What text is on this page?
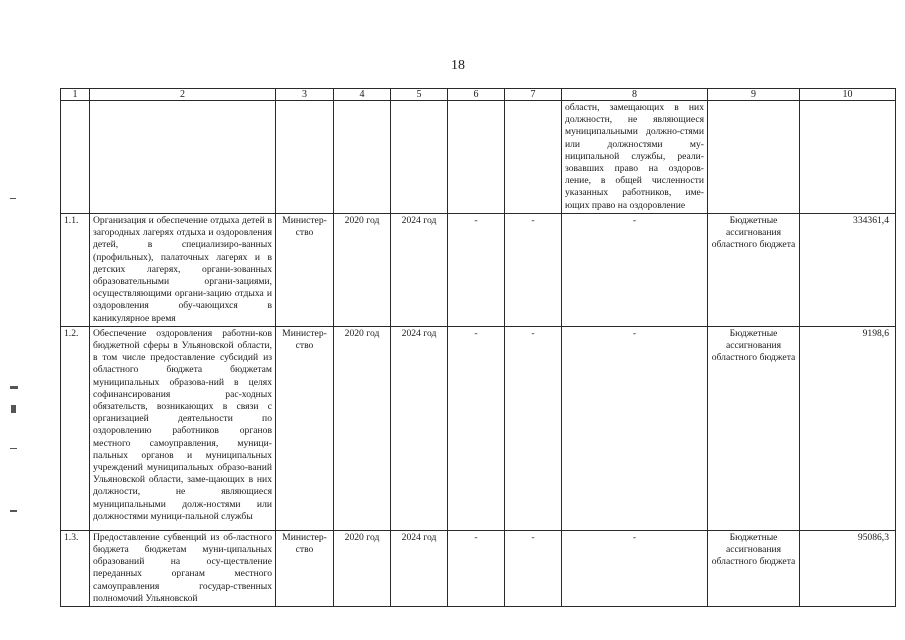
18
1	2	3	4	5	6	7	8	9	10
							областн, замещающих в них должностн, не являющиеся муниципальными должно-стями или должностями му-ниципальной службы, реали-зовавших право на оздоров-ление, в общей численности указанных работников, име-ющих право на оздоровление		
1.1.	Организация и обеспечение отдыха детей в загородных лагерях отдыха и оздоровления детей, в специализиро-ванных (профильных), палаточных лагерях и в детских лагерях, органи-зованных образовательными органи-зациями, осуществляющими органи-зацию отдыха и оздоровления обу-чающихся в каникулярное время	Министер-ство	2020 год	2024 год	-	-	-	Бюджетные ассигнования областного бюджета	334361,4
1.2.	Обеспечение оздоровления работни-ков бюджетной сферы в Ульяновской области, в том числе предоставление субсидий из областного бюджета бюджетам муниципальных образова-ний в целях софинансирования рас-ходных обязательств, возникающих в связи с организацией деятельности по оздоровлению работников органов местного самоуправления, муници-пальных органов и муниципальных учреждений муниципальных образо-ваний Ульяновской области, заме-щающих в них должности, не являющиеся муниципальными долж-ностями или должностями муници-пальной службы	Министер-ство	2020 год	2024 год	-	-	-	Бюджетные ассигнования областного бюджета	9198,6
1.3.	Предоставление субвенций из об-ластного бюджета бюджетам муни-ципальных образований на осу-ществление переданных органам местного самоуправления государ-ственных полномочий Ульяновской	Министер-ство	2020 год	2024 год	-	-	-	Бюджетные ассигнования областного бюджета	95086,3
